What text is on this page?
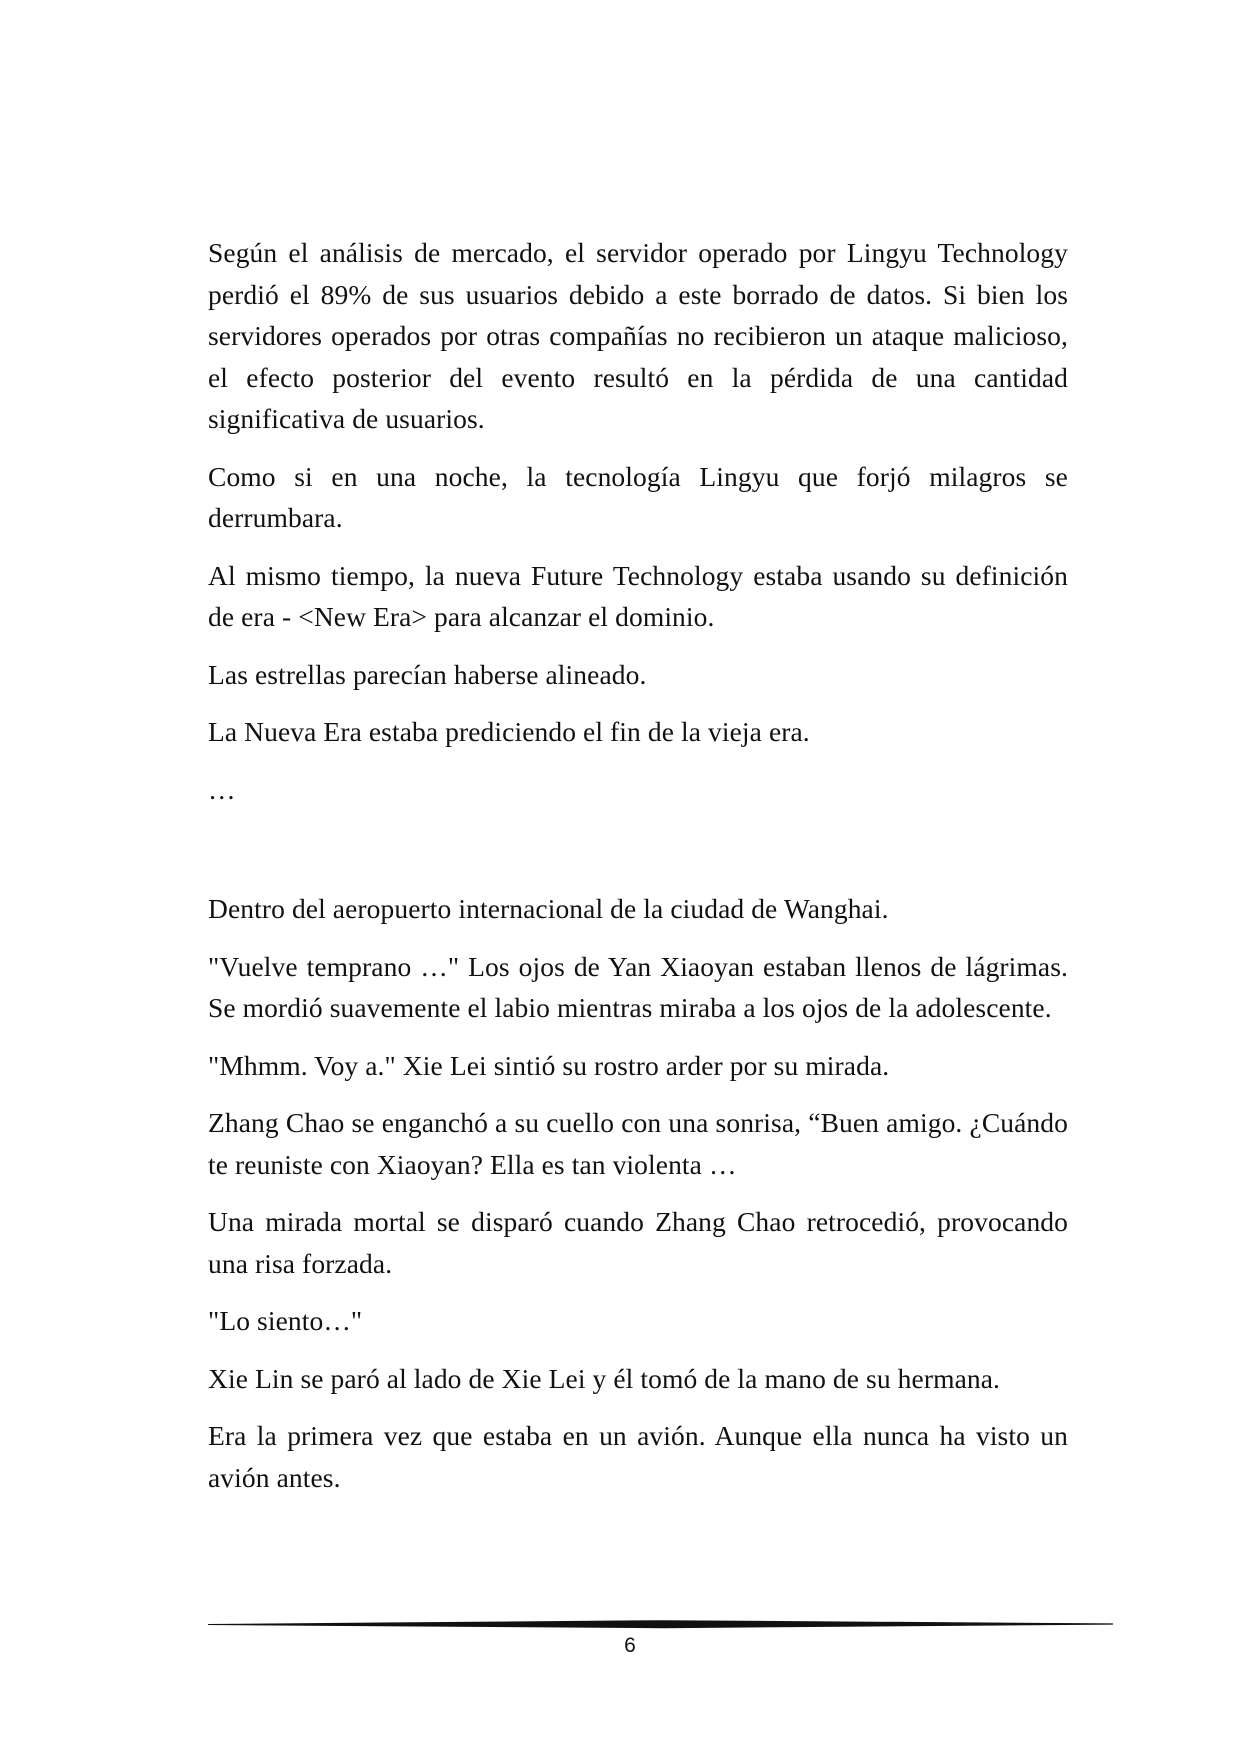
Según el análisis de mercado, el servidor operado por Lingyu Technology perdió el 89% de sus usuarios debido a este borrado de datos. Si bien los servidores operados por otras compañías no recibieron un ataque malicioso, el efecto posterior del evento resultó en la pérdida de una cantidad significativa de usuarios.

Como si en una noche, la tecnología Lingyu que forjó milagros se derrumbara.

Al mismo tiempo, la nueva Future Technology estaba usando su definición de era - <New Era> para alcanzar el dominio.

Las estrellas parecían haberse alineado.

La Nueva Era estaba prediciendo el fin de la vieja era.

…

Dentro del aeropuerto internacional de la ciudad de Wanghai.

"Vuelve temprano …" Los ojos de Yan Xiaoyan estaban llenos de lágrimas. Se mordió suavemente el labio mientras miraba a los ojos de la adolescente.

"Mhmm. Voy a." Xie Lei sintió su rostro arder por su mirada.

Zhang Chao se enganchó a su cuello con una sonrisa, “Buen amigo. ¿Cuándo te reuniste con Xiaoyan? Ella es tan violenta …

Una mirada mortal se disparó cuando Zhang Chao retrocedió, provocando una risa forzada.

"Lo siento…"

Xie Lin se paró al lado de Xie Lei y él tomó de la mano de su hermana.

Era la primera vez que estaba en un avión. Aunque ella nunca ha visto un avión antes.

6
